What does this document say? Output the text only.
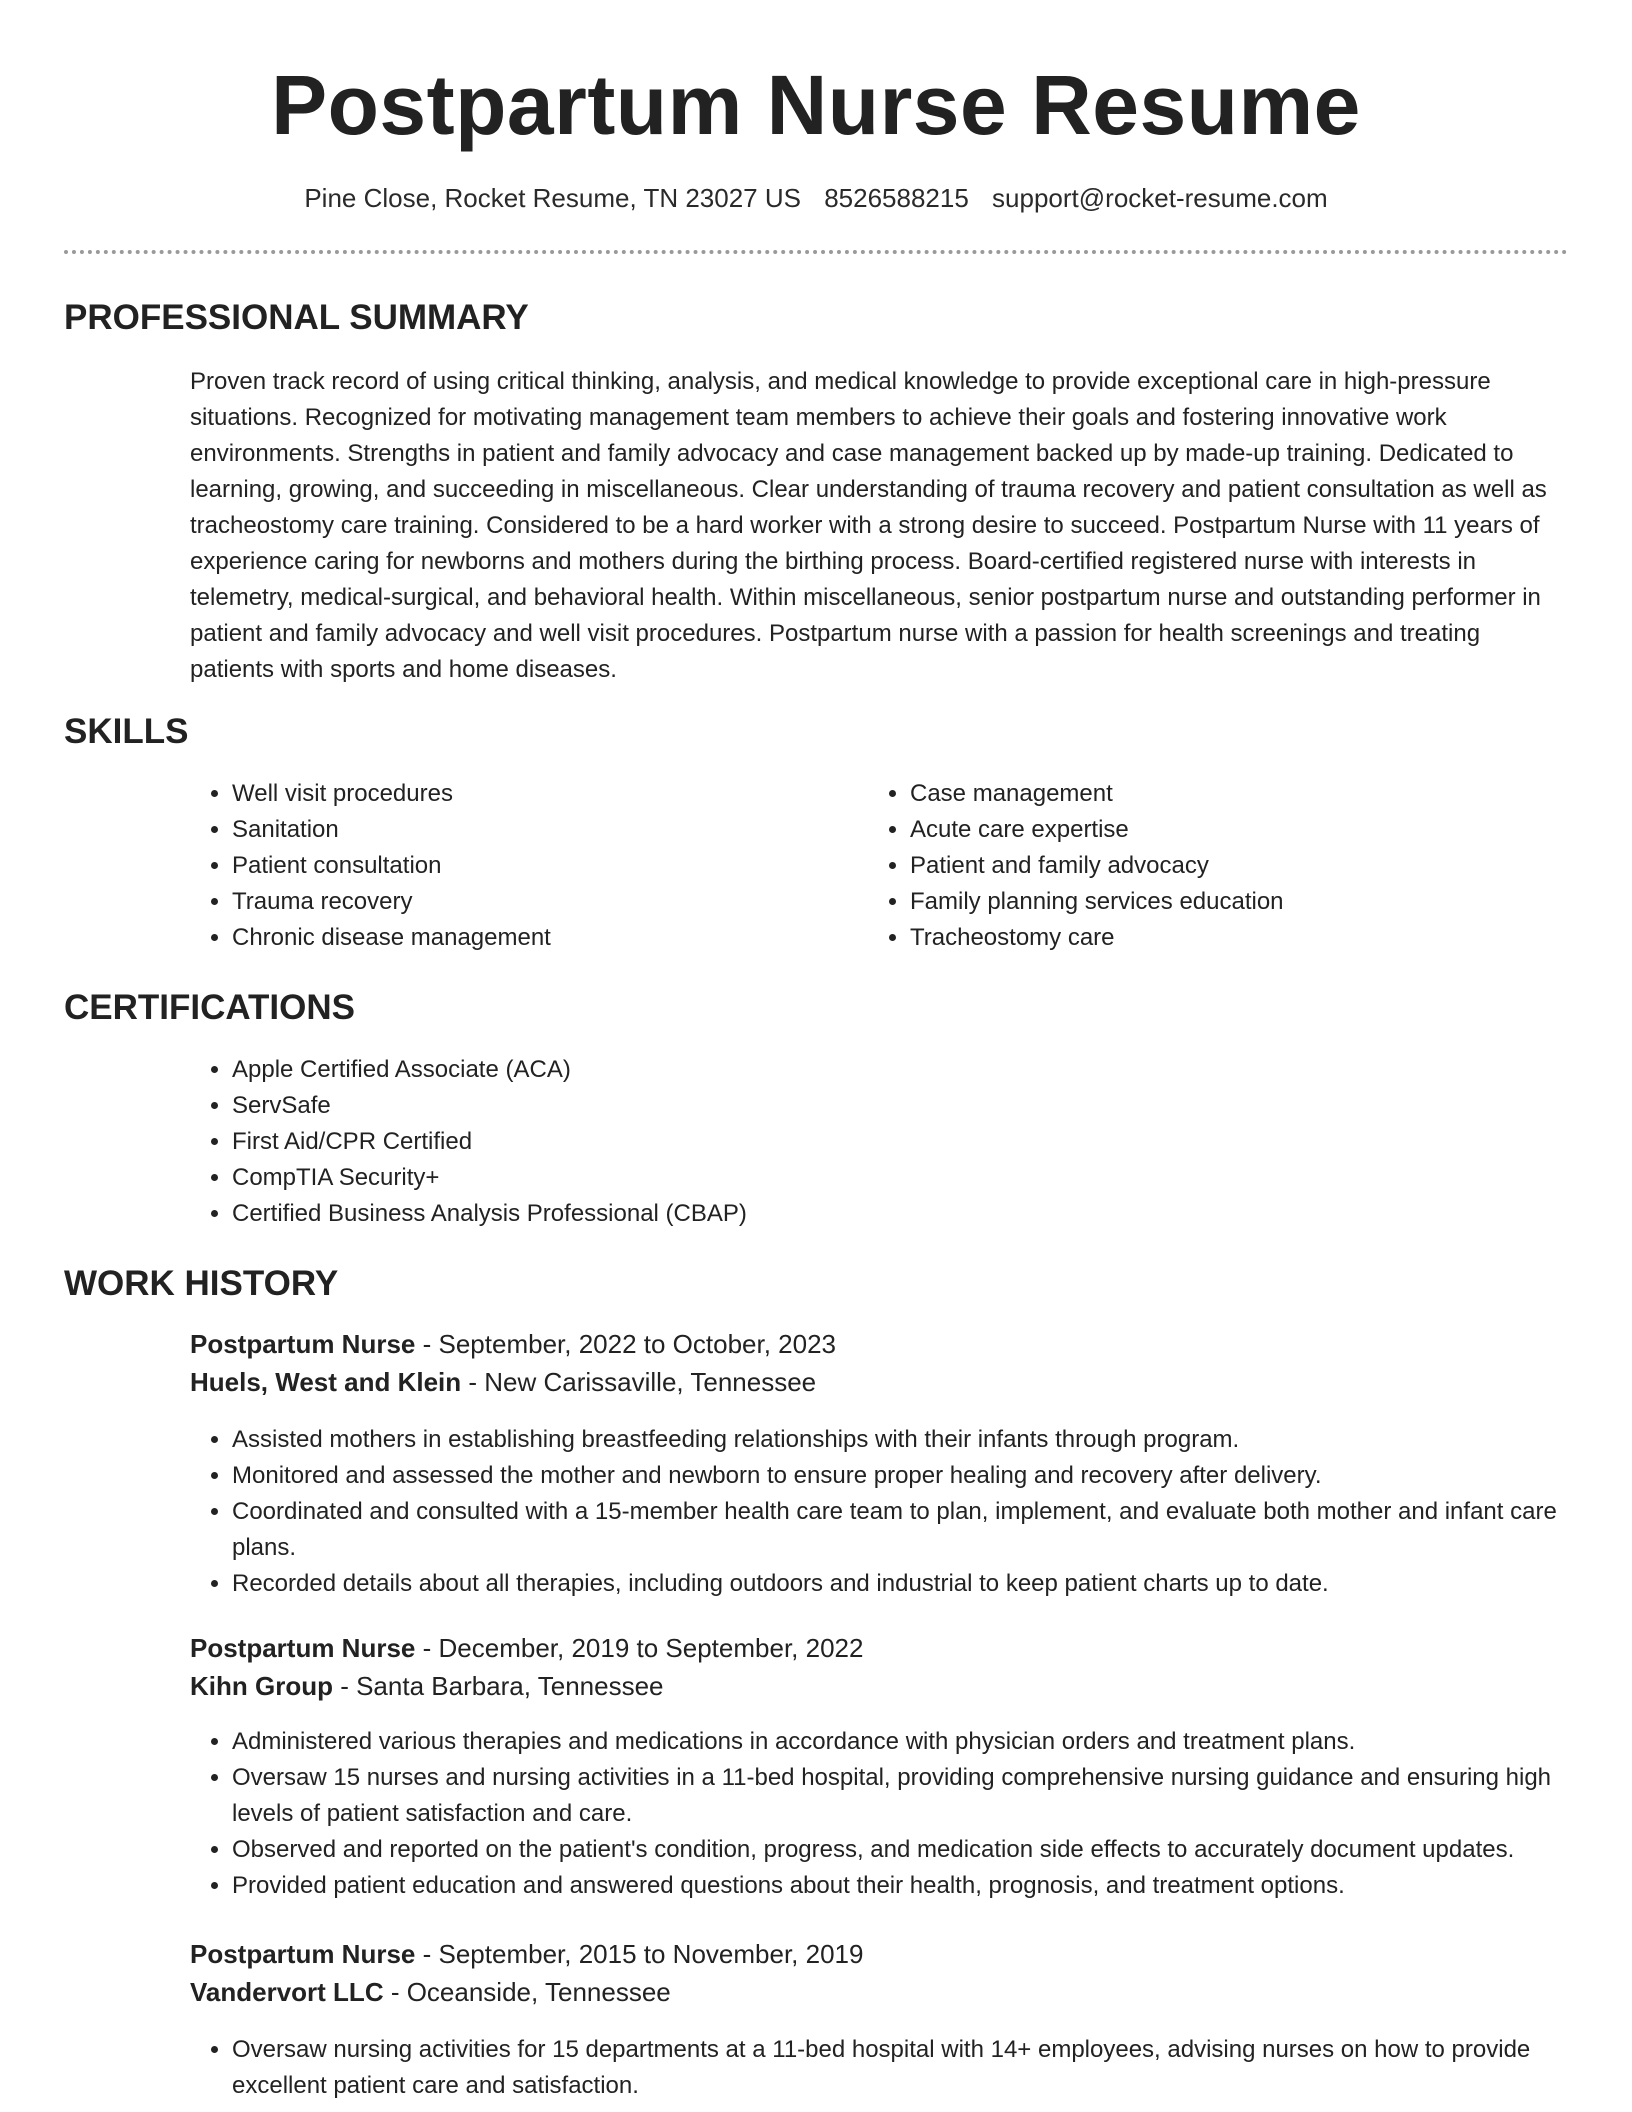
Postpartum Nurse Resume
Pine Close, Rocket Resume, TN 23027 US 8526588215 support@rocket-resume.com
PROFESSIONAL SUMMARY

Proven track record of using critical thinking, analysis, and medical knowledge to provide exceptional care in high-pressure situations. Recognized for motivating management team members to achieve their goals and fostering innovative work environments. Strengths in patient and family advocacy and case management backed up by made-up training. Dedicated to learning, growing, and succeeding in miscellaneous. Clear understanding of trauma recovery and patient consultation as well as tracheostomy care training. Considered to be a hard worker with a strong desire to succeed. Postpartum Nurse with 11 years of experience caring for newborns and mothers during the birthing process. Board-certified registered nurse with interests in telemetry, medical-surgical, and behavioral health. Within miscellaneous, senior postpartum nurse and outstanding performer in patient and family advocacy and well visit procedures. Postpartum nurse with a passion for health screenings and treating patients with sports and home diseases.

SKILLS
• Well visit procedures
• Sanitation
• Patient consultation
• Trauma recovery
• Chronic disease management
• Case management
• Acute care expertise
• Patient and family advocacy
• Family planning services education
• Tracheostomy care
CERTIFICATIONS
• Apple Certified Associate (ACA)
• ServSafe
• First Aid/CPR Certified
• CompTIA Security+
• Certified Business Analysis Professional (CBAP)
WORK HISTORY
Postpartum Nurse - September, 2022 to October, 2023
Huels, West and Klein - New Carissaville, Tennessee
• Assisted mothers in establishing breastfeeding relationships with their infants through program.
• Monitored and assessed the mother and newborn to ensure proper healing and recovery after delivery.
• Coordinated and consulted with a 15-member health care team to plan, implement, and evaluate both mother and infant care plans.
• Recorded details about all therapies, including outdoors and industrial to keep patient charts up to date.
Postpartum Nurse - December, 2019 to September, 2022
Kihn Group - Santa Barbara, Tennessee
• Administered various therapies and medications in accordance with physician orders and treatment plans.
• Oversaw 15 nurses and nursing activities in a 11-bed hospital, providing comprehensive nursing guidance and ensuring high levels of patient satisfaction and care.
• Observed and reported on the patient's condition, progress, and medication side effects to accurately document updates.
• Provided patient education and answered questions about their health, prognosis, and treatment options.
Postpartum Nurse - September, 2015 to November, 2019
Vandervort LLC - Oceanside, Tennessee
• Oversaw nursing activities for 15 departments at a 11-bed hospital with 14+ employees, advising nurses on how to provide excellent patient care and satisfaction.
